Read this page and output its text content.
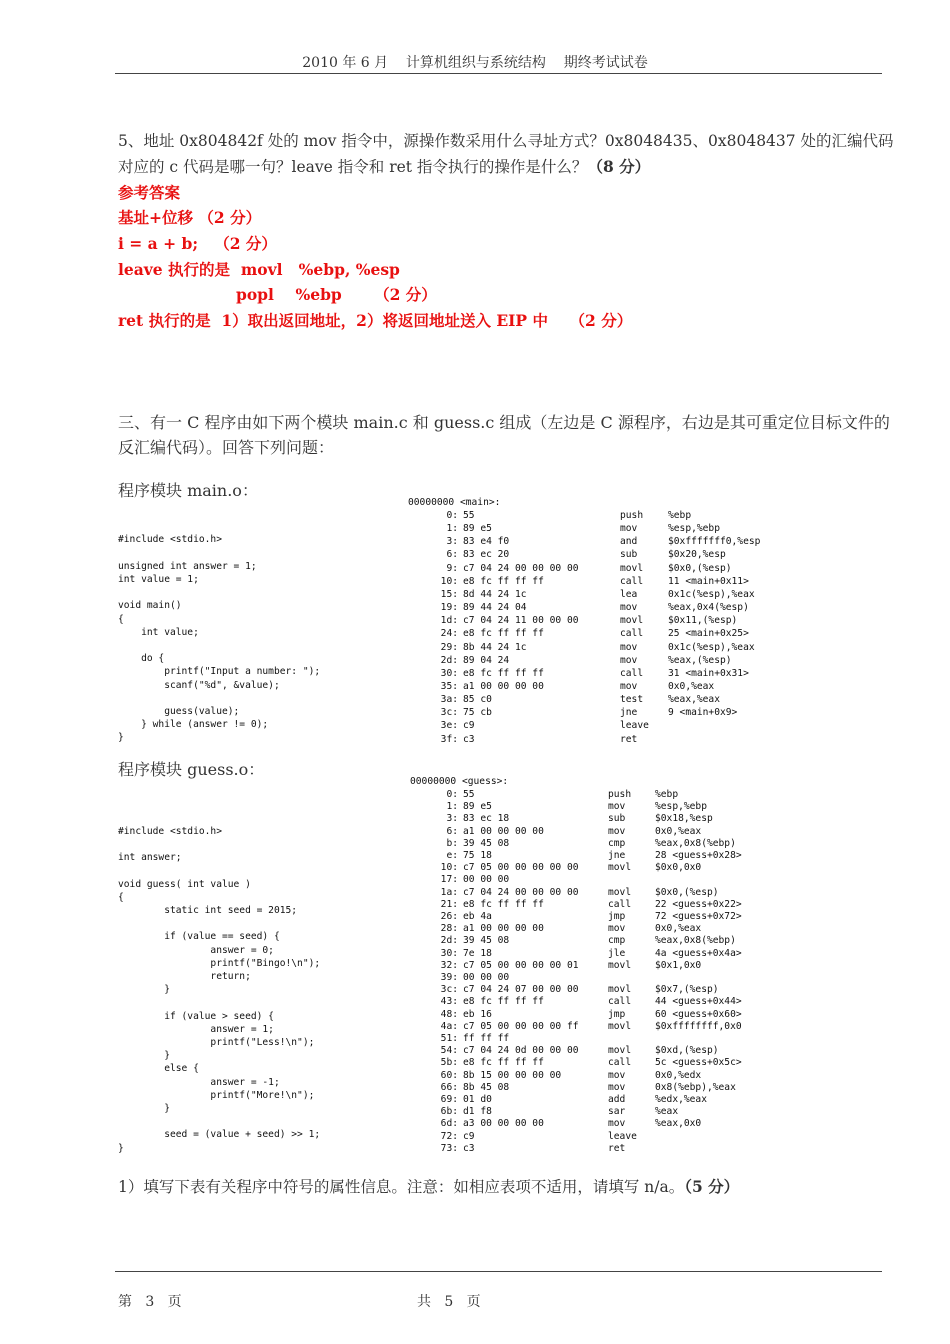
2010 年 6 月    计算机组织与系统结构    期终考试试卷
5、地址 0x804842f 处的 mov 指令中，源操作数采用什么寻址方式？0x8048435、0x8048437 处的汇编代码对应的 c 代码是哪一句？leave 指令和 ret 指令执行的操作是什么？（8 分）
参考答案
基址+位移 （2 分）
i = a + b;   （2 分）
leave 执行的是  movl   %ebp, %esp
popl    %ebp      （2 分）
ret 执行的是  1）取出返回地址，2）将返回地址送入 EIP 中    （2 分）
三、有一 C 程序由如下两个模块 main.c 和 guess.c 组成（左边是 C 源程序，右边是其可重定位目标文件的反汇编代码）。回答下列问题：
程序模块 main.o：

#include <stdio.h>

unsigned int answer = 1;
int value = 1;

void main()
{
int value;

do {
printf("Input a number: ");
scanf("%d", &value);

guess(value);
} while (answer != 0);
}
00000000 <main>:
0: 55	push	%ebp
1: 89 e5	mov	%esp,%ebp
3: 83 e4 f0	and	$0xfffffff0,%esp
6: 83 ec 20	sub	$0x20,%esp
9: c7 04 24 00 00 00 00	movl	$0x0,(%esp)
10: e8 fc ff ff ff	call	11 <main+0x11>
15: 8d 44 24 1c	lea	0x1c(%esp),%eax
19: 89 44 24 04	mov	%eax,0x4(%esp)
1d: c7 04 24 11 00 00 00	movl	$0x11,(%esp)
24: e8 fc ff ff ff	call	25 <main+0x25>
29: 8b 44 24 1c	mov	0x1c(%esp),%eax
2d: 89 04 24	mov	%eax,(%esp)
30: e8 fc ff ff ff	call	31 <main+0x31>
35: a1 00 00 00 00	mov	0x0,%eax
3a: 85 c0	test	%eax,%eax
3c: 75 cb	jne	9 <main+0x9>
3e: c9	leave
3f: c3	ret
程序模块 guess.o：

#include <stdio.h>

int answer;

void guess( int value )
{
static int seed = 2015;

if (value == seed) {
answer = 0;
printf("Bingo!\n");
return;
}

if (value > seed) {
answer = 1;
printf("Less!\n");
}
else {
answer = -1;
printf("More!\n");
}

seed = (value + seed) >> 1;
}
00000000 <guess>:
0: 55	push %ebp
1: 89 e5	mov	%esp,%ebp
3: 83 ec 18	sub	$0x18,%esp
6: a1 00 00 00 00	mov	0x0,%eax
b: 39 45 08	cmp	%eax,0x8(%ebp)
e: 75 18	jne	28 <guess+0x28>
10: c7 05 00 00 00 00 00	movl $0x0,0x0
17: 00 00 00
1a: c7 04 24 00 00 00 00	movl $0x0,(%esp)
21: e8 fc ff ff ff	call 22 <guess+0x22>
26: eb 4a	jmp	72 <guess+0x72>
28: a1 00 00 00 00	mov	0x0,%eax
2d: 39 45 08	cmp	%eax,0x8(%ebp)
30: 7e 18	jle	4a <guess+0x4a>
32: c7 05 00 00 00 00 01	movl $0x1,0x0
39: 00 00 00
3c: c7 04 24 07 00 00 00	movl $0x7,(%esp)
43: e8 fc ff ff ff	call 44 <guess+0x44>
48: eb 16	jmp	60 <guess+0x60>
4a: c7 05 00 00 00 00 ff	movl $0xffffffff,0x0
51: ff ff ff
54: c7 04 24 0d 00 00 00	movl $0xd,(%esp)
5b: e8 fc ff ff ff	call 5c <guess+0x5c>
60: 8b 15 00 00 00 00	mov	0x0,%edx
66: 8b 45 08	mov	0x8(%ebp),%eax
69: 01 d0	add	%edx,%eax
6b: d1 f8	sar	%eax
6d: a3 00 00 00 00	mov	%eax,0x0
72: c9	leave
73: c3	ret
1）填写下表有关程序中符号的属性信息。注意：如相应表项不适用，请填写 n/a。（5 分）
第   3   页	共   5   页
